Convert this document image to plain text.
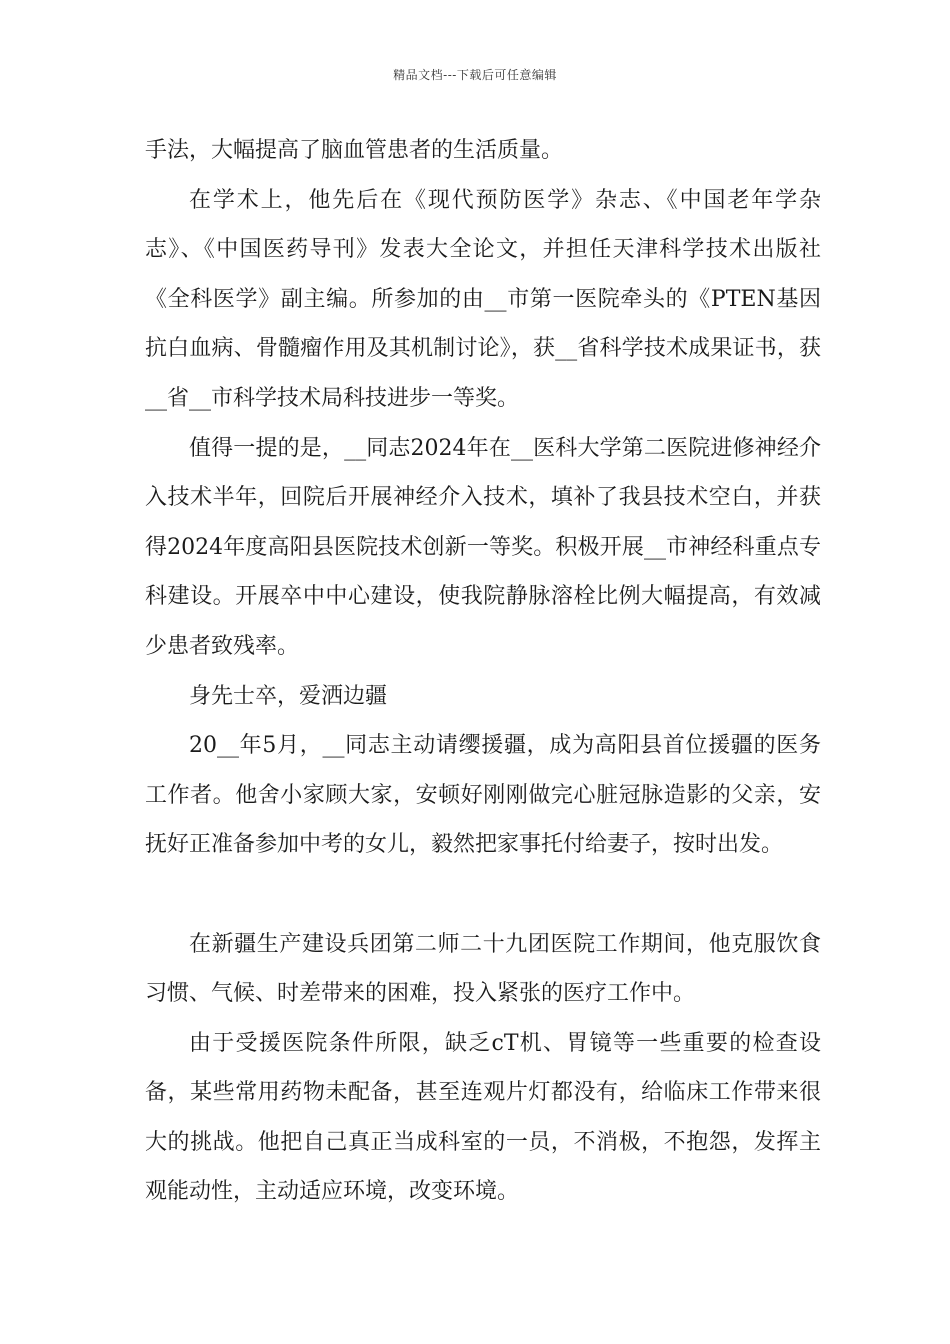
精品文档---下载后可任意编辑

手法，大幅提高了脑血管患者的生活质量。

在学术上，他先后在《现代预防医学》杂志、《中国老年学杂志》、《中国医药导刊》发表大全论文，并担任天津科学技术出版社《全科医学》副主编。所参加的由__市第一医院牵头的《PTEN基因抗白血病、骨髓瘤作用及其机制讨论》，获__省科学技术成果证书，获__省__市科学技术局科技进步一等奖。

值得一提的是，__同志2024年在__医科大学第二医院进修神经介入技术半年，回院后开展神经介入技术，填补了我县技术空白，并获得2024年度高阳县医院技术创新一等奖。积极开展__市神经科重点专科建设。开展卒中中心建设，使我院静脉溶栓比例大幅提高，有效减少患者致残率。

身先士卒，爱洒边疆

20__年5月，__同志主动请缨援疆，成为高阳县首位援疆的医务工作者。他舍小家顾大家，安顿好刚刚做完心脏冠脉造影的父亲，安抚好正准备参加中考的女儿，毅然把家事托付给妻子，按时出发。

在新疆生产建设兵团第二师二十九团医院工作期间，他克服饮食习惯、气候、时差带来的困难，投入紧张的医疗工作中。

由于受援医院条件所限，缺乏cT机、胃镜等一些重要的检查设备，某些常用药物未配备，甚至连观片灯都没有，给临床工作带来很大的挑战。他把自己真正当成科室的一员，不消极，不抱怨，发挥主观能动性，主动适应环境，改变环境。
